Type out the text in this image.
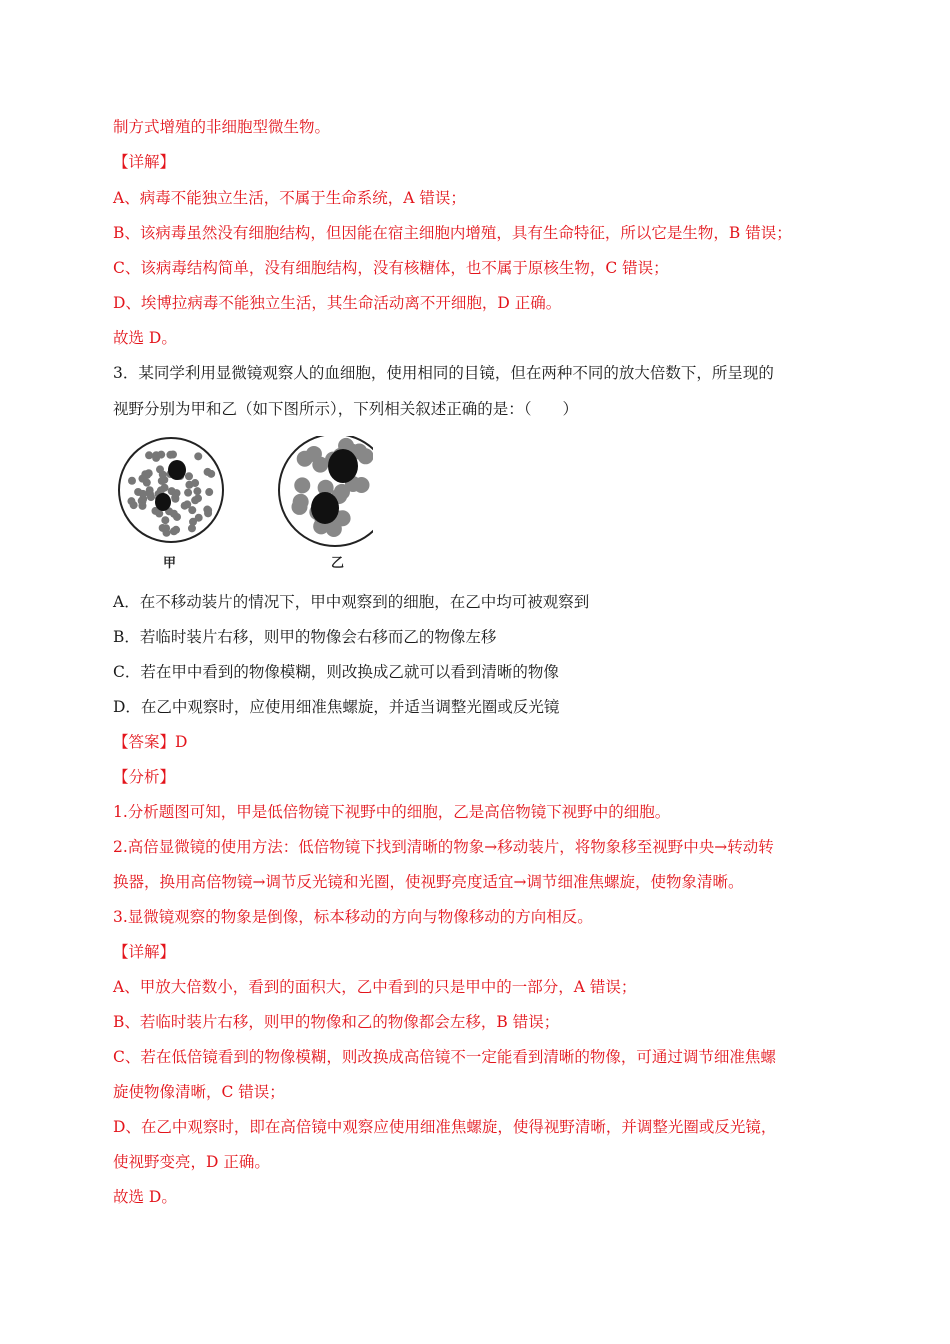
制方式增殖的非细胞型微生物。
【详解】
A、病毒不能独立生活，不属于生命系统，A 错误；
B、该病毒虽然没有细胞结构，但因能在宿主细胞内增殖，具有生命特征，所以它是生物，B 错误；
C、该病毒结构简单，没有细胞结构，没有核糖体，也不属于原核生物，C 错误；
D、埃博拉病毒不能独立生活，其生命活动离不开细胞，D 正确。
故选 D。
3．某同学利用显微镜观察人的血细胞，使用相同的目镜，但在两种不同的放大倍数下，所呈现的
视野分别为甲和乙（如下图所示），下列相关叙述正确的是：（　　）
甲	乙
A．在不移动装片的情况下，甲中观察到的细胞，在乙中均可被观察到
B．若临时装片右移，则甲的物像会右移而乙的物像左移
C．若在甲中看到的物像模糊，则改换成乙就可以看到清晰的物像
D．在乙中观察时，应使用细准焦螺旋，并适当调整光圈或反光镜
【答案】D
【分析】
1.分析题图可知，甲是低倍物镜下视野中的细胞，乙是高倍物镜下视野中的细胞。
2.高倍显微镜的使用方法：低倍物镜下找到清晰的物象→移动装片，将物象移至视野中央→转动转
换器，换用高倍物镜→调节反光镜和光圈，使视野亮度适宜→调节细准焦螺旋，使物象清晰。
3.显微镜观察的物象是倒像，标本移动的方向与物像移动的方向相反。
【详解】
A、甲放大倍数小，看到的面积大，乙中看到的只是甲中的一部分，A 错误；
B、若临时装片右移，则甲的物像和乙的物像都会左移，B 错误；
C、若在低倍镜看到的物像模糊，则改换成高倍镜不一定能看到清晰的物像，可通过调节细准焦螺
旋使物像清晰，C 错误；
D、在乙中观察时，即在高倍镜中观察应使用细准焦螺旋，使得视野清晰，并调整光圈或反光镜，
使视野变亮，D 正确。
故选 D。
